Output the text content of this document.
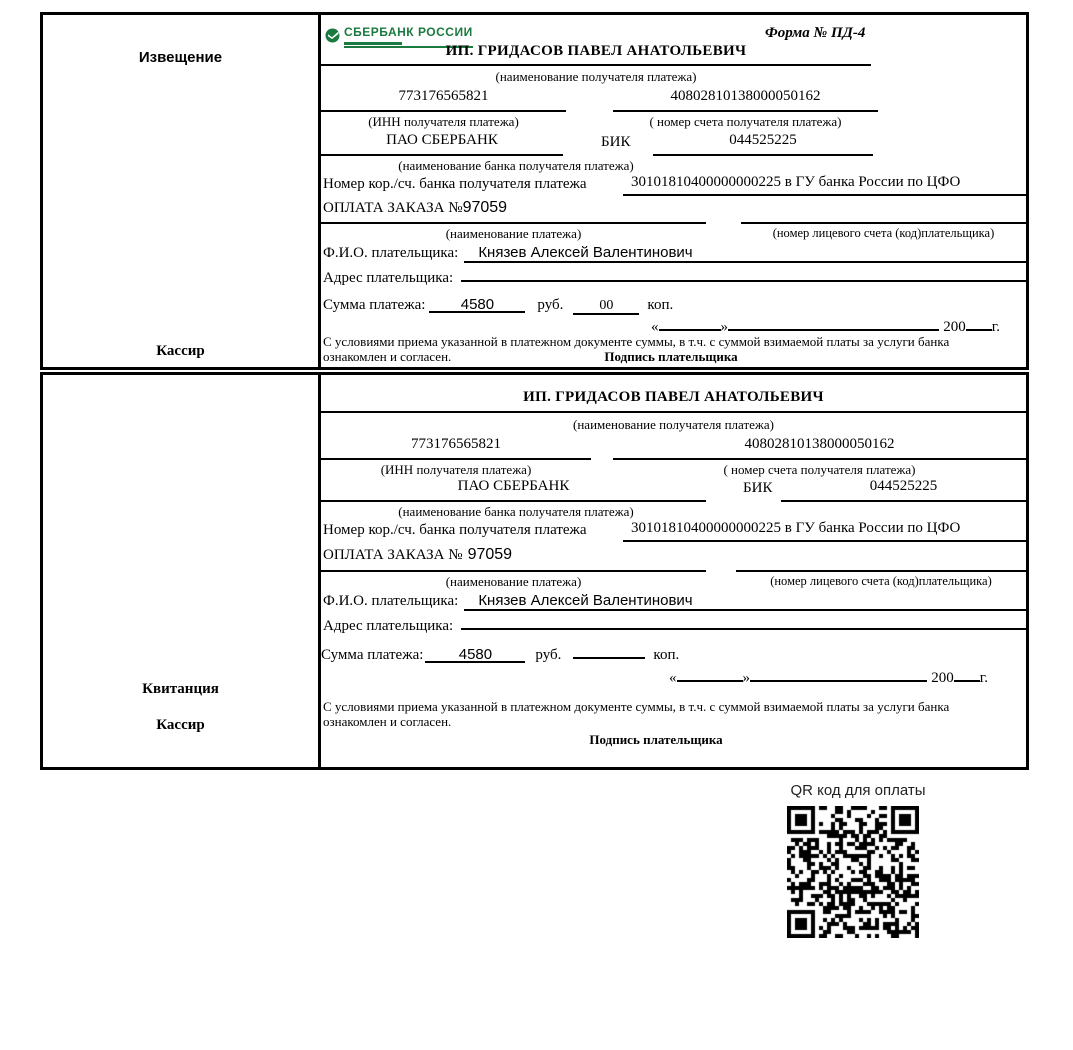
Извещение
Кассир
СБЕРБАНК РОССИИ	Форма № ПД-4
ИП. ГРИДАСОВ ПАВЕЛ АНАТОЛЬЕВИЧ
(наименование получателя платежа)
773176565821	40802810138000050162
(ИНН получателя платежа)	( номер счета получателя платежа)
ПАО СБЕРБАНК	БИК	044525225
(наименование банка получателя платежа)
Номер кор./сч. банка получателя платежа	30101810400000000225 в ГУ банка России по ЦФО
ОПЛАТА ЗАКАЗА №97059
(наименование платежа)	(номер лицевого счета (код)плательщика)
Ф.И.О. плательщика:	Князев Алексей Валентинович
Адрес плательщика:
Сумма платежа:	4580	руб.	00	коп.
«	»	200 г.
С условиями приема указанной в платежном документе суммы, в т.ч. с суммой взимаемой платы за услуги банка
ознакомлен и согласен.	Подпись плательщика
Квитанция
Кассир
ИП. ГРИДАСОВ ПАВЕЛ АНАТОЛЬЕВИЧ
(наименование получателя платежа)
773176565821	40802810138000050162
(ИНН получателя платежа)	( номер счета получателя платежа)
ПАО СБЕРБАНК	БИК	044525225
(наименование банка получателя платежа)
Номер кор./сч. банка получателя платежа	30101810400000000225 в ГУ банка России по ЦФО
ОПЛАТА ЗАКАЗА № 97059
(наименование платежа)	(номер лицевого счета (код)плательщика)
Ф.И.О. плательщика:	Князев Алексей Валентинович
Адрес плательщика:
Сумма платежа:	4580	руб.	коп.
«	»	200 г.
С условиями приема указанной в платежном документе суммы, в т.ч. с суммой взимаемой платы за услуги банка
ознакомлен и согласен.
Подпись плательщика
QR код для оплаты
